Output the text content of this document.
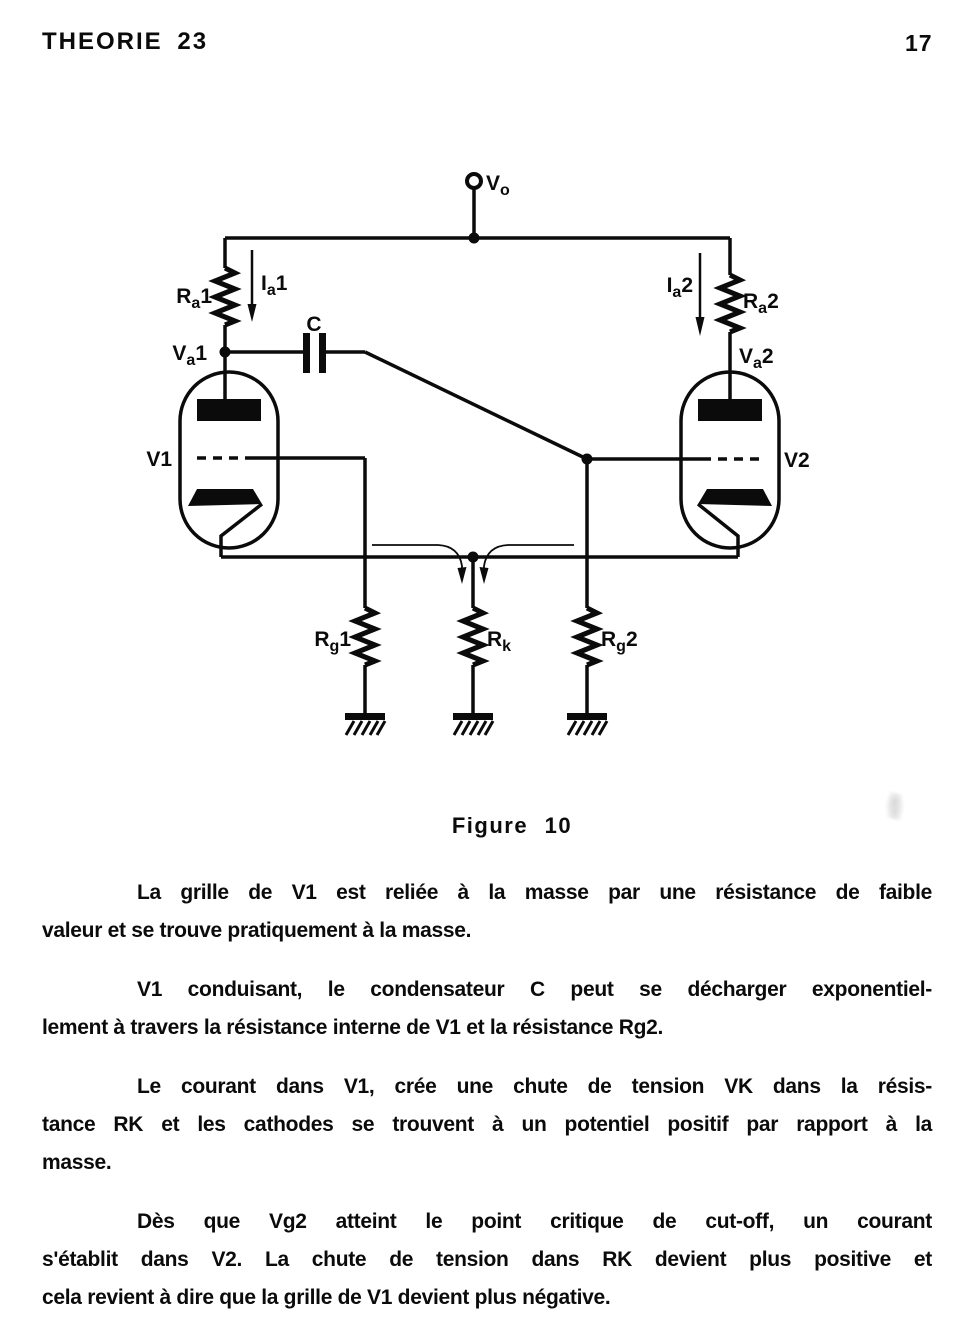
THEORIE 23	17
$V_o$
$R_a1$
$I_a1$
$V_a1$
C
$I_a2$
$R_a2$
$V_a2$
V1	V2
$R_g1$	$R_k$	$R_g2$
Figure 10
La grille de V1 est reliée à la masse par une résistance de faible
valeur et se trouve pratiquement à la masse.
V1 conduisant, le condensateur C peut se décharger exponentiel-
lement à travers la résistance interne de V1 et la résistance Rg2.
Le courant dans V1, crée une chute de tension VK dans la résis-
tance RK et les cathodes se trouvent à un potentiel positif par rapport à la
masse.
Dès que Vg2 atteint le point critique de cut-off, un courant
s'établit dans V2. La chute de tension dans RK devient plus positive et
cela revient à dire que la grille de V1 devient plus négative.
